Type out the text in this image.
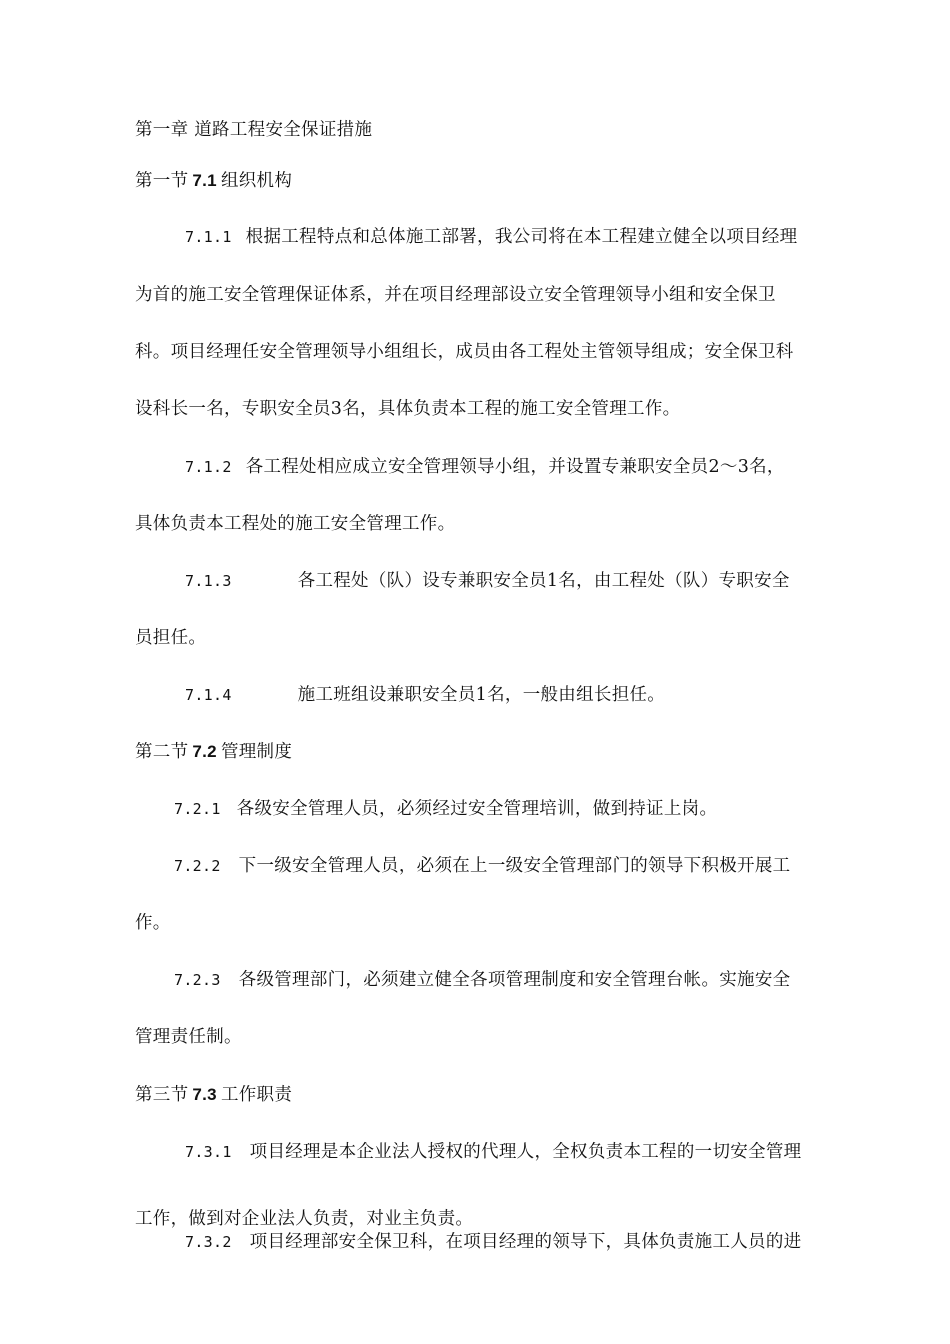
第一章 道路工程安全保证措施
第一节 7.1 组织机构
7.1.1 根据工程特点和总体施工部署，我公司将在本工程建立健全以项目经理
为首的施工安全管理保证体系，并在项目经理部设立安全管理领导小组和安全保卫
科。项目经理任安全管理领导小组组长，成员由各工程处主管领导组成；安全保卫科
设科长一名，专职安全员3名，具体负责本工程的施工安全管理工作。
7.1.2 各工程处相应成立安全管理领导小组，并设置专兼职安全员2～3名，
具体负责本工程处的施工安全管理工作。
7.1.3	各工程处（队）设专兼职安全员1名，由工程处（队）专职安全
员担任。
7.1.4	施工班组设兼职安全员1名，一般由组长担任。
第二节 7.2 管理制度
7.2.1 各级安全管理人员，必须经过安全管理培训，做到持证上岗。
7.2.2 下一级安全管理人员，必须在上一级安全管理部门的领导下积极开展工
作。
7.2.3 各级管理部门，必须建立健全各项管理制度和安全管理台帐。实施安全
管理责任制。
第三节 7.3 工作职责
7.3.1 项目经理是本企业法人授权的代理人，全权负责本工程的一切安全管理
工作，做到对企业法人负责，对业主负责。
7.3.2 项目经理部安全保卫科，在项目经理的领导下，具体负责施工人员的进
